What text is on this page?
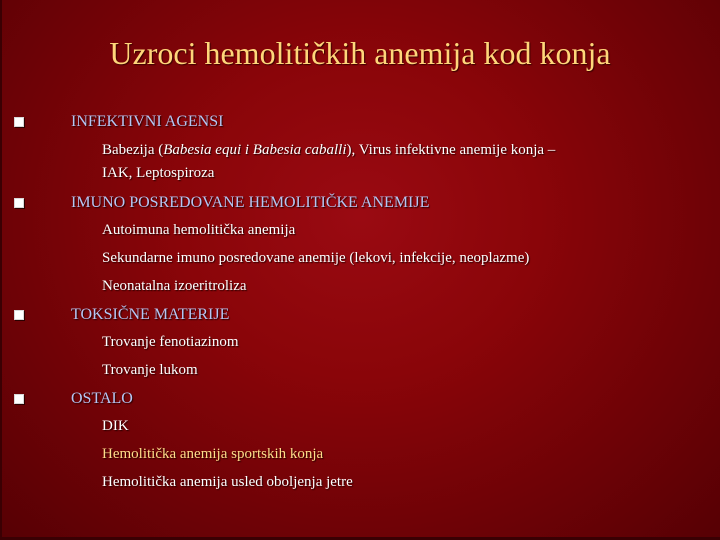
Uzroci hemolitičkih anemija kod konja
INFEKTIVNI AGENSI
Babezija (Babesia equi i Babesia caballi), Virus infektivne anemije konja –
IAK, Leptospiroza
IMUNO POSREDOVANE HEMOLITIČKE ANEMIJE
Autoimuna hemolitička anemija
Sekundarne imuno posredovane anemije (lekovi, infekcije, neoplazme)
Neonatalna izoeritroliza
TOKSIČNE MATERIJE
Trovanje fenotiazinom
Trovanje lukom
OSTALO
DIK
Hemolitička anemija sportskih konja
Hemolitička anemija usled oboljenja jetre
